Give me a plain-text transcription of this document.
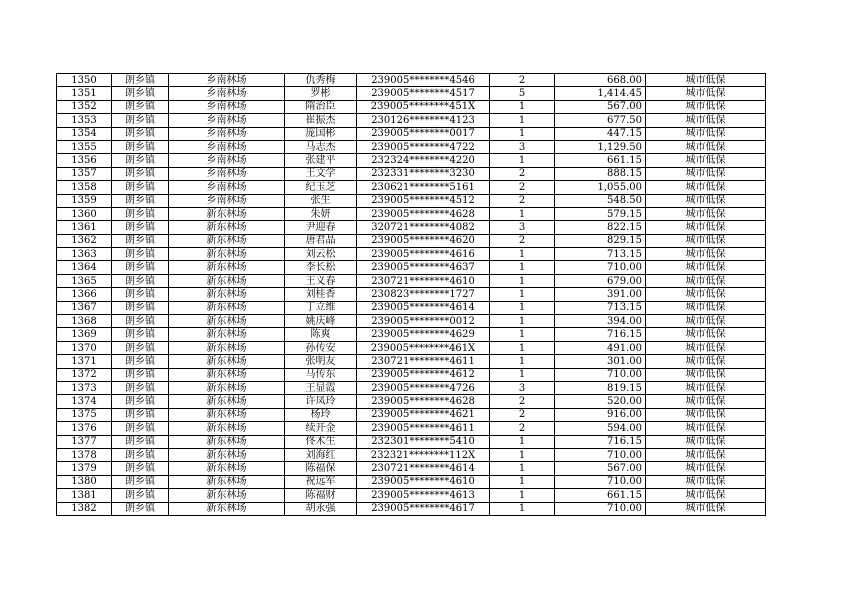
1350	朗乡镇	乡南林场	仇秀梅	239005********4546	2	668.00	城市低保
1351	朗乡镇	乡南林场	罗彬	239005********4517	5	1,414.45	城市低保
1352	朗乡镇	乡南林场	隋治臣	239005********451X	1	567.00	城市低保
1353	朗乡镇	乡南林场	崔振杰	230126********4123	1	677.50	城市低保
1354	朗乡镇	乡南林场	庞国彬	239005********0017	1	447.15	城市低保
1355	朗乡镇	乡南林场	马志杰	239005********4722	3	1,129.50	城市低保
1356	朗乡镇	乡南林场	张建平	232324********4220	1	661.15	城市低保
1357	朗乡镇	乡南林场	王文学	232331********3230	2	888.15	城市低保
1358	朗乡镇	乡南林场	纪玉芝	230621********5161	2	1,055.00	城市低保
1359	朗乡镇	乡南林场	张生	239005********4512	2	548.50	城市低保
1360	朗乡镇	新东林场	朱妍	239005********4628	1	579.15	城市低保
1361	朗乡镇	新东林场	尹迎春	320721********4082	3	822.15	城市低保
1362	朗乡镇	新东林场	唐君晶	239005********4620	2	829.15	城市低保
1363	朗乡镇	新东林场	刘云松	239005********4616	1	713.15	城市低保
1364	朗乡镇	新东林场	李长松	239005********4637	1	710.00	城市低保
1365	朗乡镇	新东林场	王义春	230721********4610	1	679.00	城市低保
1366	朗乡镇	新东林场	刘桂香	230823********1727	1	391.00	城市低保
1367	朗乡镇	新东林场	丁立维	239005********4614	1	713.15	城市低保
1368	朗乡镇	新东林场	姚庆峰	239005********0012	1	394.00	城市低保
1369	朗乡镇	新东林场	陈爽	239005********4629	1	716.15	城市低保
1370	朗乡镇	新东林场	孙传安	239005********461X	1	491.00	城市低保
1371	朗乡镇	新东林场	张明友	230721********4611	1	301.00	城市低保
1372	朗乡镇	新东林场	马传东	239005********4612	1	710.00	城市低保
1373	朗乡镇	新东林场	王显霞	239005********4726	3	819.15	城市低保
1374	朗乡镇	新东林场	许凤玲	239005********4628	2	520.00	城市低保
1375	朗乡镇	新东林场	杨玲	239005********4621	2	916.00	城市低保
1376	朗乡镇	新东林场	续开金	239005********4611	2	594.00	城市低保
1377	朗乡镇	新东林场	佟术生	232301********5410	1	716.15	城市低保
1378	朗乡镇	新东林场	刘海红	232321********112X	1	710.00	城市低保
1379	朗乡镇	新东林场	陈福保	230721********4614	1	567.00	城市低保
1380	朗乡镇	新东林场	祝远军	239005********4610	1	710.00	城市低保
1381	朗乡镇	新东林场	陈福财	239005********4613	1	661.15	城市低保
1382	朗乡镇	新东林场	胡永强	239005********4617	1	710.00	城市低保
